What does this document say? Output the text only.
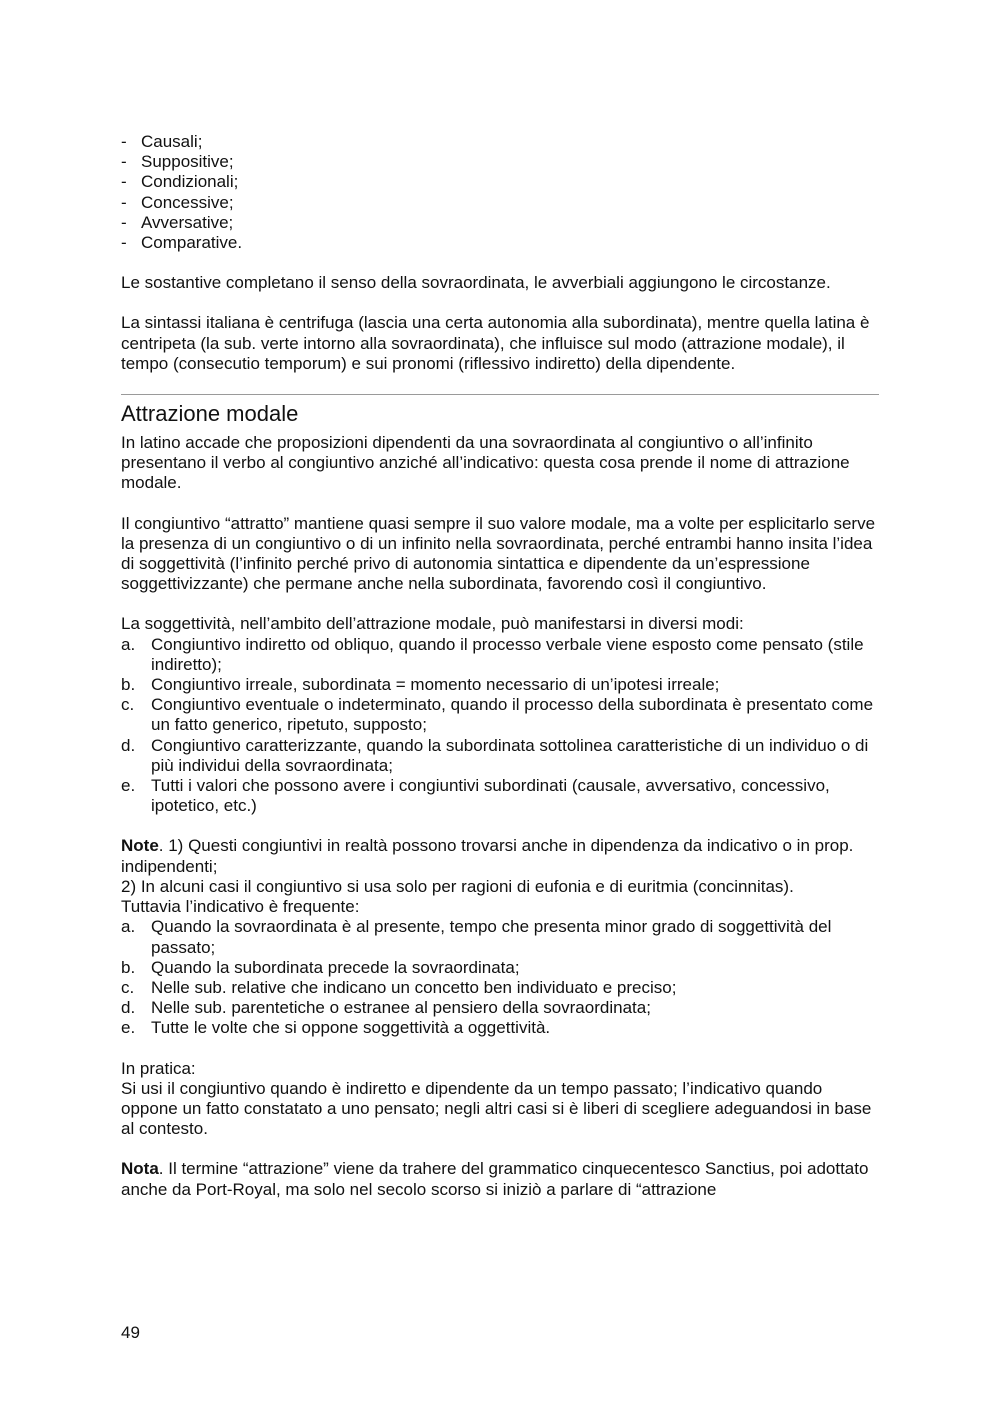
- Causali;
- Suppositive;
- Condizionali;
- Concessive;
- Avversative;
- Comparative.

Le sostantive completano il senso della sovraordinata, le avverbiali aggiungono le circostanze.

La sintassi italiana è centrifuga (lascia una certa autonomia alla subordinata), mentre quella latina è centripeta (la sub. verte intorno alla sovraordinata), che influisce sul modo (attrazione modale), il tempo (consecutio temporum) e sui pronomi (riflessivo indiretto) della dipendente.

Attrazione modale

In latino accade che proposizioni dipendenti da una sovraordinata al congiuntivo o all’infinito presentano il verbo al congiuntivo anziché all’indicativo: questa cosa prende il nome di attrazione modale.

Il congiuntivo “attratto” mantiene quasi sempre il suo valore modale, ma a volte per esplicitarlo serve la presenza di un congiuntivo o di un infinito nella sovraordinata, perché entrambi hanno insita l’idea di soggettività (l’infinito perché privo di autonomia sintattica e dipendente da un’espressione soggettivizzante) che permane anche nella subordinata, favorendo così il congiuntivo.

La soggettività, nell’ambito dell’attrazione modale, può manifestarsi in diversi modi:

a. Congiuntivo indiretto od obliquo, quando il processo verbale viene esposto come pensato (stile indiretto);
b. Congiuntivo irreale, subordinata = momento necessario di un’ipotesi irreale;
c. Congiuntivo eventuale o indeterminato, quando il processo della subordinata è presentato come un fatto generico, ripetuto, supposto;
d. Congiuntivo caratterizzante, quando la subordinata sottolinea caratteristiche di un individuo o di più individui della sovraordinata;
e. Tutti i valori che possono avere i congiuntivi subordinati (causale, avversativo, concessivo, ipotetico, etc.)

Note. 1) Questi congiuntivi in realtà possono trovarsi anche in dipendenza da indicativo o in prop. indipendenti;

2) In alcuni casi il congiuntivo si usa solo per ragioni di eufonia e di euritmia (concinnitas).

Tuttavia l’indicativo è frequente:

a. Quando la sovraordinata è al presente, tempo che presenta minor grado di soggettività del passato;
b. Quando la subordinata precede la sovraordinata;
c. Nelle sub. relative che indicano un concetto ben individuato e preciso;
d. Nelle sub. parentetiche o estranee al pensiero della sovraordinata;
e. Tutte le volte che si oppone soggettività a oggettività.

In pratica:

Si usi il congiuntivo quando è indiretto e dipendente da un tempo passato; l’indicativo quando oppone un fatto constatato a uno pensato; negli altri casi si è liberi di scegliere adeguandosi in base al contesto.

Nota. Il termine “attrazione” viene da trahere del grammatico cinquecentesco Sanctius, poi adottato anche da Port-Royal, ma solo nel secolo scorso si iniziò a parlare di “attrazione

49
